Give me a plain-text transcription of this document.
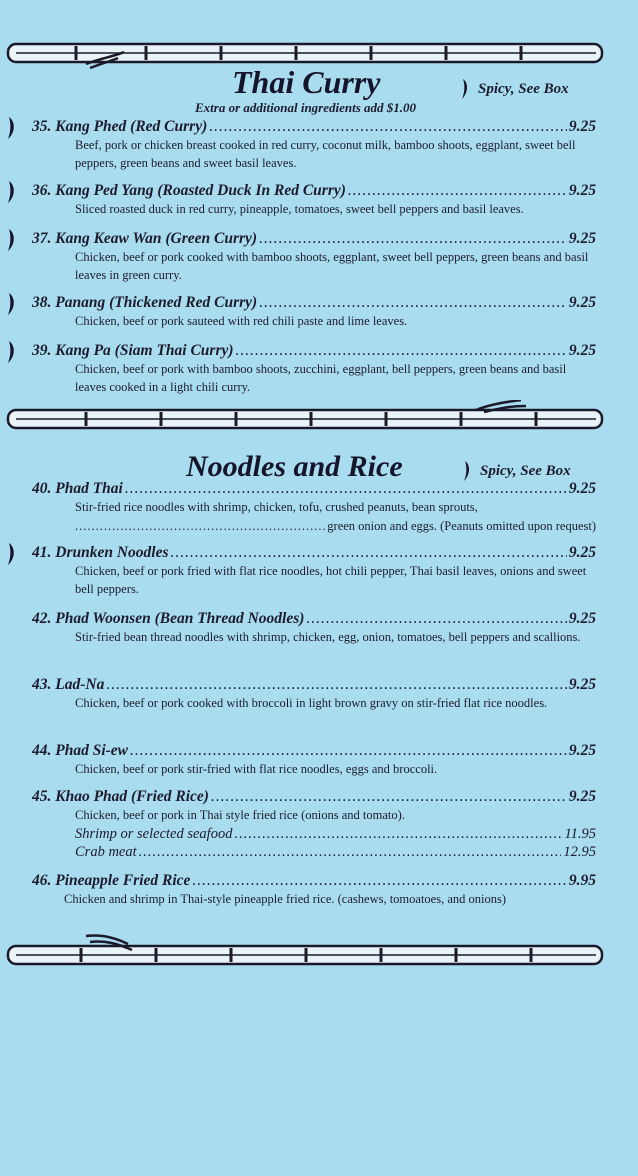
Thai Curry	Spicy, See Box
Extra or additional ingredients add $1.00
35.
Kang Phed (Red Curry) .....	9.25
Beef, pork or chicken breast cooked in red curry, coconut milk, bamboo shoots, eggplant, sweet bell peppers, green beans and sweet basil leaves.
36.
Kang Ped Yang (Roasted Duck In Red Curry) .....	9.25
Sliced roasted duck in red curry, pineapple, tomatoes, sweet bell peppers and basil leaves.
37.
Kang Keaw Wan (Green Curry) .....	9.25
Chicken, beef or pork cooked with bamboo shoots, eggplant, sweet bell peppers, green beans and basil leaves in green curry.
38.
Panang (Thickened Red Curry) .....	9.25
Chicken, beef or pork sauteed with red chili paste and lime leaves.
39.
Kang Pa (Siam Thai Curry) .....	9.25
Chicken, beef or pork with bamboo shoots, zucchini, eggplant, bell peppers, green beans and basil leaves cooked in a light chili curry.
Noodles and Rice	Spicy, See Box
40.
Phad Thai .....	9.25
Stir-fried rice noodles with shrimp, chicken, tofu, crushed peanuts, bean sprouts,
.....
green onion and eggs. (Peanuts omitted upon request)
41.
Drunken Noodles .....	9.25
Chicken, beef or pork fried with flat rice noodles, hot chili pepper, Thai basil leaves, onions and sweet bell peppers.
42.
Phad Woonsen (Bean Thread Noodles) .....	9.25
Stir-fried bean thread noodles with shrimp, chicken, egg, onion, tomatoes, bell peppers and scallions.
43.
Lad-Na .....	9.25
Chicken, beef or pork cooked with broccoli in light brown gravy on stir-fried flat rice noodles.
44.
Phad Si-ew .....	9.25
Chicken, beef or pork stir-fried with flat rice noodles, eggs and broccoli.
45.
Khao Phad (Fried Rice) .....	9.25
Chicken, beef or pork in Thai style fried rice (onions and tomato).
Shrimp or selected seafood .....	11.95
Crab meat .....	12.95
46.
Pineapple Fried Rice .....	9.95
Chicken and shrimp in Thai-style pineapple fried rice. (cashews, tomoatoes, and onions)
